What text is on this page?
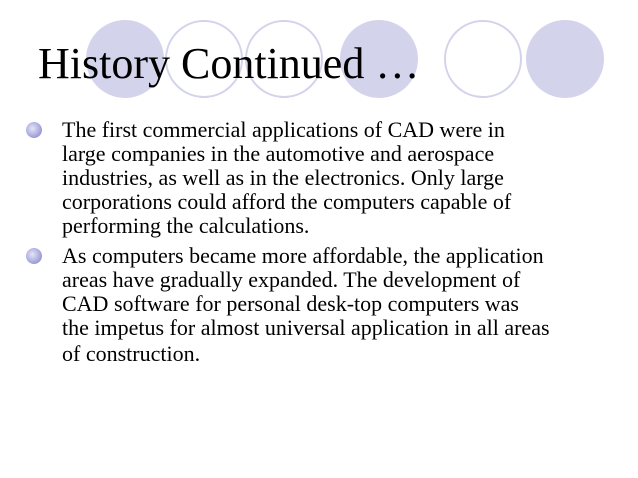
History Continued …
The first commercial applications of CAD were in
large companies in the automotive and aerospace
industries, as well as in the electronics. Only large
corporations could afford the computers capable of
performing the calculations.
As computers became more affordable, the application
areas have gradually expanded. The development of
CAD software for personal desk-top computers was
the impetus for almost universal application in all areas
of construction.
